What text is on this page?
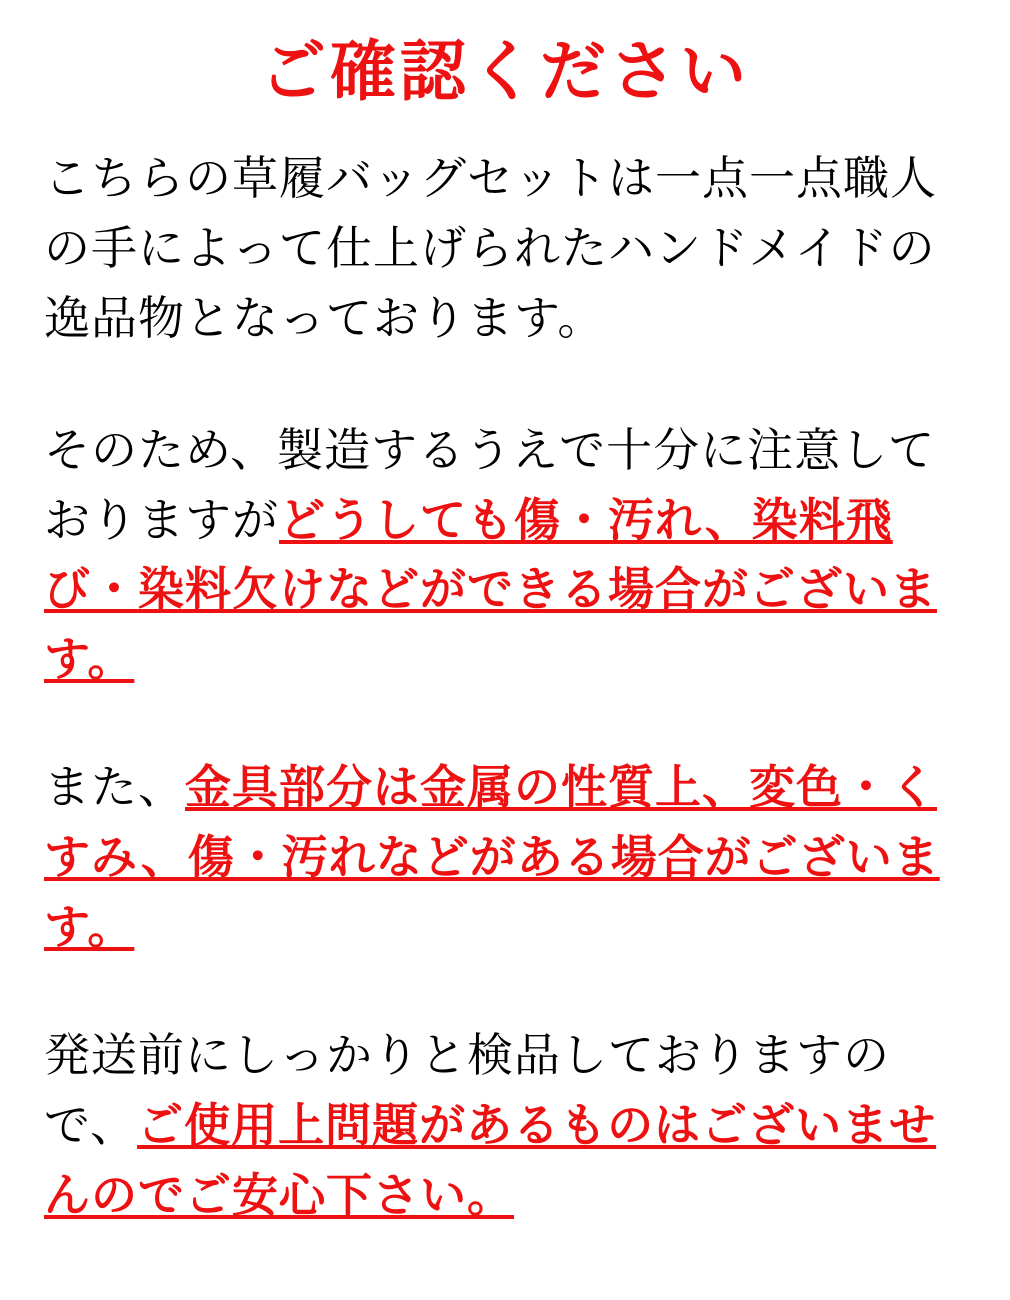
ご確認ください

こちらの草履バッグセットは一点一点職人の手によって仕上げられたハンドメイドの逸品物となっております。

そのため、製造するうえで十分に注意しておりますがどうしても傷・汚れ、染料飛び・染料欠けなどができる場合がございます。

また、金具部分は金属の性質上、変色・くすみ、傷・汚れなどがある場合がございます。

発送前にしっかりと検品しておりますので、ご使用上問題があるものはございませんのでご安心下さい。
